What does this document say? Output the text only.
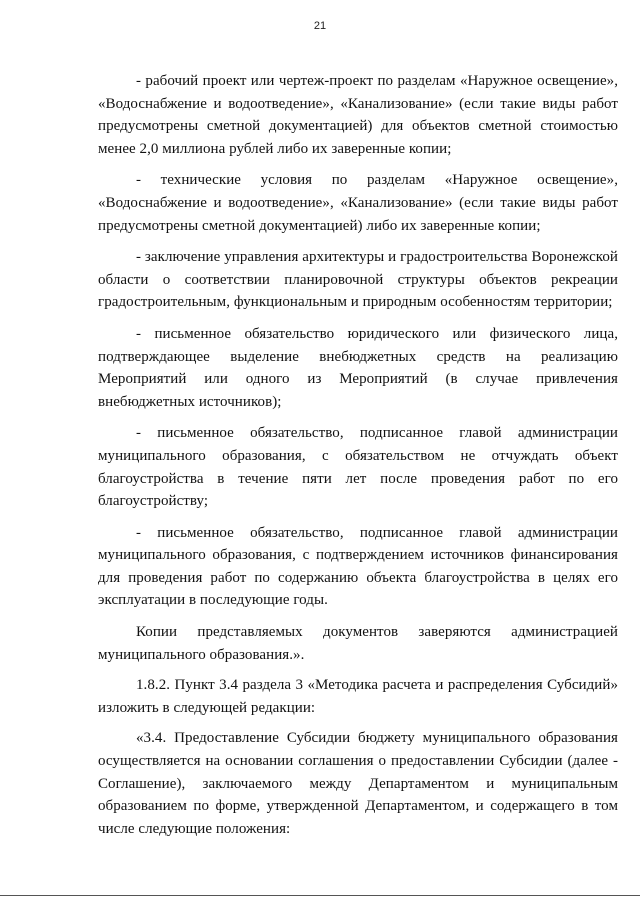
21

- рабочий проект или чертеж-проект по разделам «Наружное освещение», «Водоснабжение и водоотведение», «Канализование» (если такие виды работ предусмотрены сметной документацией) для объектов сметной стоимостью менее 2,0 миллиона рублей либо их заверенные копии;

- технические условия по разделам «Наружное освещение», «Водоснабжение и водоотведение», «Канализование» (если такие виды работ предусмотрены сметной документацией) либо их заверенные копии;

- заключение управления архитектуры и градостроительства Воронежской области о соответствии планировочной структуры объектов рекреации градостроительным, функциональным и природным особенностям территории;

- письменное обязательство юридического или физического лица, подтверждающее выделение внебюджетных средств на реализацию Мероприятий или одного из Мероприятий (в случае привлечения внебюджетных источников);

- письменное обязательство, подписанное главой администрации муниципального образования, с обязательством не отчуждать объект благоустройства в течение пяти лет после проведения работ по его благоустройству;

- письменное обязательство, подписанное главой администрации муниципального образования, с подтверждением источников финансирования для проведения работ по содержанию объекта благоустройства в целях его эксплуатации в последующие годы.

Копии представляемых документов заверяются администрацией муниципального образования.».

1.8.2. Пункт 3.4 раздела 3 «Методика расчета и распределения Субсидий» изложить в следующей редакции:

«3.4. Предоставление Субсидии бюджету муниципального образования осуществляется на основании соглашения о предоставлении Субсидии (далее - Соглашение), заключаемого между Департаментом и муниципальным образованием по форме, утвержденной Департаментом, и содержащего в том числе следующие положения:
